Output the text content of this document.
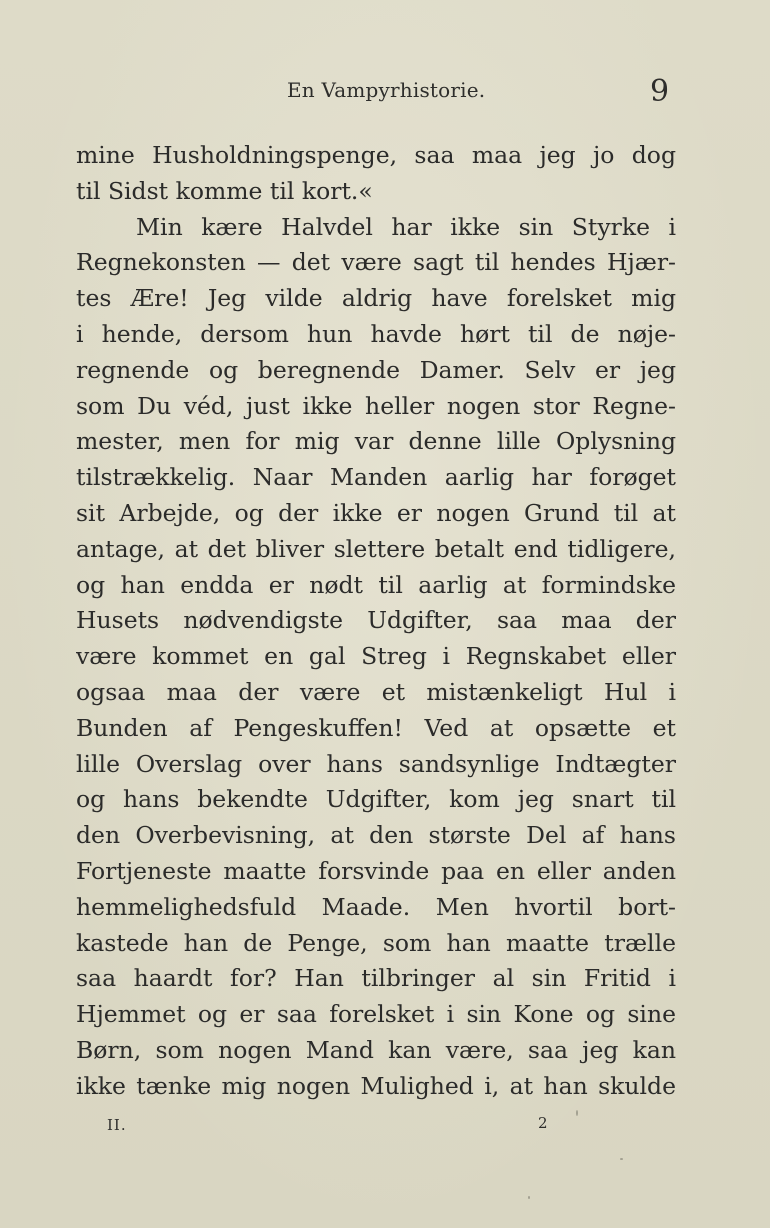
En Vampyrhistorie.	9
mine Husholdningspenge, saa maa jeg jo dog
til Sidst komme til kort.«
Min kære Halvdel har ikke sin Styrke i
Regnekonsten — det være sagt til hendes Hjær-
tes Ære! Jeg vilde aldrig have forelsket mig
i hende, dersom hun havde hørt til de nøje-
regnende og beregnende Damer. Selv er jeg
som Du véd, just ikke heller nogen stor Regne-
mester, men for mig var denne lille Oplysning
tilstrækkelig. Naar Manden aarlig har forøget
sit Arbejde, og der ikke er nogen Grund til at
antage, at det bliver slettere betalt end tidligere,
og han endda er nødt til aarlig at formindske
Husets nødvendigste Udgifter, saa maa der
være kommet en gal Streg i Regnskabet eller
ogsaa maa der være et mistænkeligt Hul i
Bunden af Pengeskuffen! Ved at opsætte et
lille Overslag over hans sandsynlige Indtægter
og hans bekendte Udgifter, kom jeg snart til
den Overbevisning, at den største Del af hans
Fortjeneste maatte forsvinde paa en eller anden
hemmelighedsfuld Maade. Men hvortil bort-
kastede han de Penge, som han maatte trælle
saa haardt for? Han tilbringer al sin Fritid i
Hjemmet og er saa forelsket i sin Kone og sine
Børn, som nogen Mand kan være, saa jeg kan
ikke tænke mig nogen Mulighed i, at han skulde
II.	2
